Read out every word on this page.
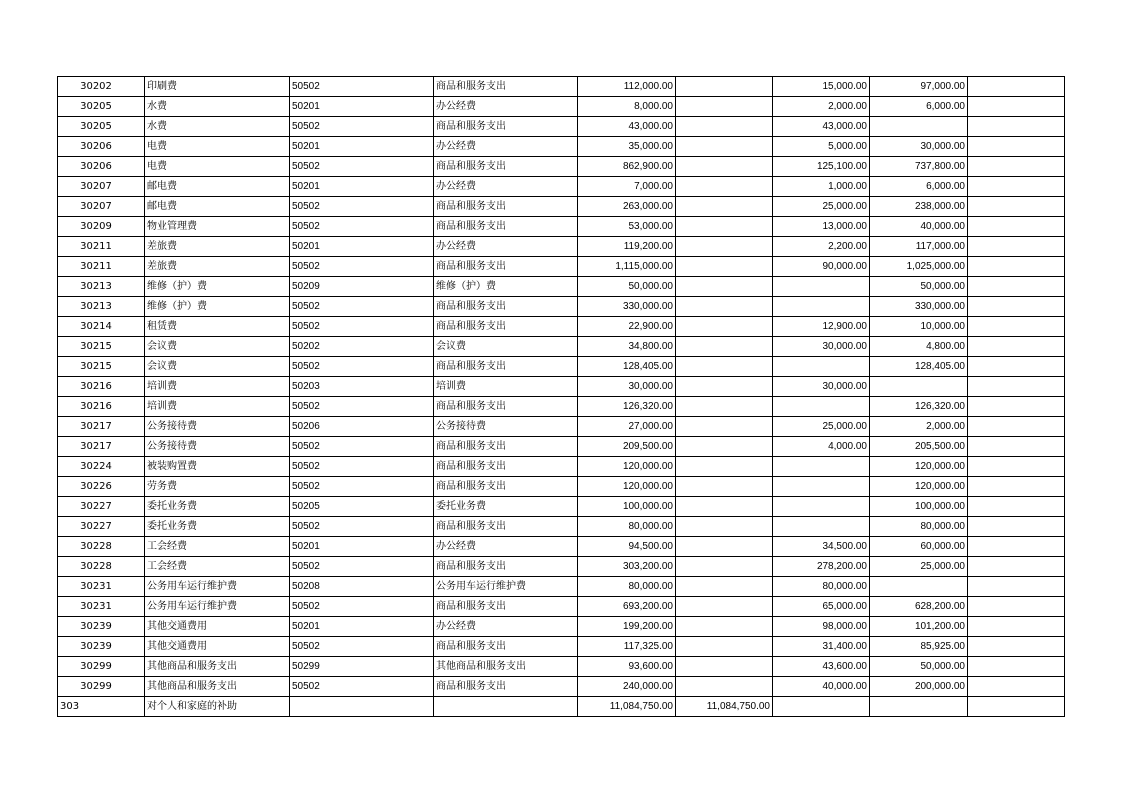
30202	印刷费	50502	商品和服务支出	112,000.00		15,000.00	97,000.00	
30205	水费	50201	办公经费	8,000.00		2,000.00	6,000.00	
30205	水费	50502	商品和服务支出	43,000.00		43,000.00		
30206	电费	50201	办公经费	35,000.00		5,000.00	30,000.00	
30206	电费	50502	商品和服务支出	862,900.00		125,100.00	737,800.00	
30207	邮电费	50201	办公经费	7,000.00		1,000.00	6,000.00	
30207	邮电费	50502	商品和服务支出	263,000.00		25,000.00	238,000.00	
30209	物业管理费	50502	商品和服务支出	53,000.00		13,000.00	40,000.00	
30211	差旅费	50201	办公经费	119,200.00		2,200.00	117,000.00	
30211	差旅费	50502	商品和服务支出	1,115,000.00		90,000.00	1,025,000.00	
30213	维修（护）费	50209	维修（护）费	50,000.00			50,000.00	
30213	维修（护）费	50502	商品和服务支出	330,000.00			330,000.00	
30214	租赁费	50502	商品和服务支出	22,900.00		12,900.00	10,000.00	
30215	会议费	50202	会议费	34,800.00		30,000.00	4,800.00	
30215	会议费	50502	商品和服务支出	128,405.00			128,405.00	
30216	培训费	50203	培训费	30,000.00		30,000.00		
30216	培训费	50502	商品和服务支出	126,320.00			126,320.00	
30217	公务接待费	50206	公务接待费	27,000.00		25,000.00	2,000.00	
30217	公务接待费	50502	商品和服务支出	209,500.00		4,000.00	205,500.00	
30224	被装购置费	50502	商品和服务支出	120,000.00			120,000.00	
30226	劳务费	50502	商品和服务支出	120,000.00			120,000.00	
30227	委托业务费	50205	委托业务费	100,000.00			100,000.00	
30227	委托业务费	50502	商品和服务支出	80,000.00			80,000.00	
30228	工会经费	50201	办公经费	94,500.00		34,500.00	60,000.00	
30228	工会经费	50502	商品和服务支出	303,200.00		278,200.00	25,000.00	
30231	公务用车运行维护费	50208	公务用车运行维护费	80,000.00		80,000.00		
30231	公务用车运行维护费	50502	商品和服务支出	693,200.00		65,000.00	628,200.00	
30239	其他交通费用	50201	办公经费	199,200.00		98,000.00	101,200.00	
30239	其他交通费用	50502	商品和服务支出	117,325.00		31,400.00	85,925.00	
30299	其他商品和服务支出	50299	其他商品和服务支出	93,600.00		43,600.00	50,000.00	
30299	其他商品和服务支出	50502	商品和服务支出	240,000.00		40,000.00	200,000.00	
303	对个人和家庭的补助			11,084,750.00	11,084,750.00			
